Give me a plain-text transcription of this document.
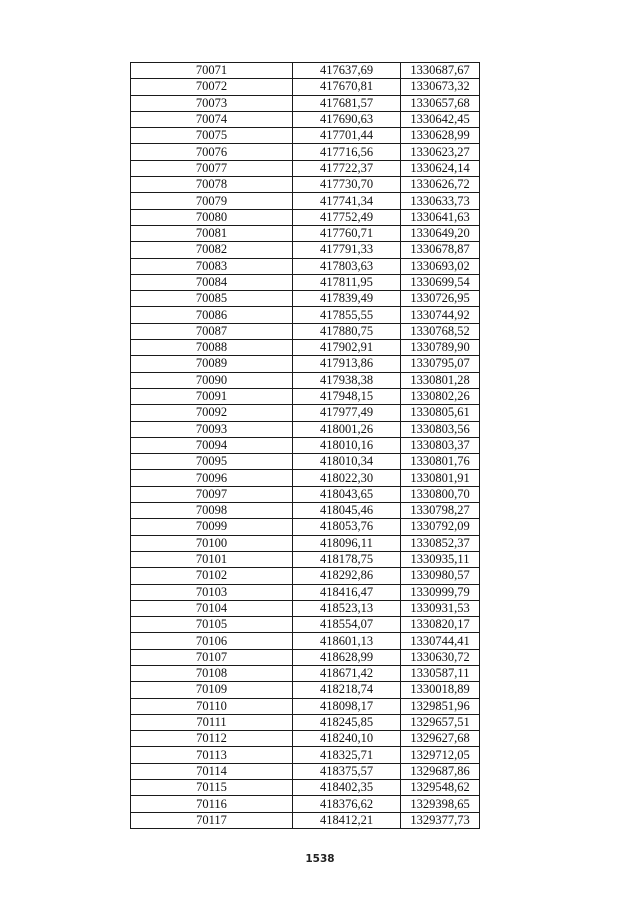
70071	417637,69	1330687,67
70072	417670,81	1330673,32
70073	417681,57	1330657,68
70074	417690,63	1330642,45
70075	417701,44	1330628,99
70076	417716,56	1330623,27
70077	417722,37	1330624,14
70078	417730,70	1330626,72
70079	417741,34	1330633,73
70080	417752,49	1330641,63
70081	417760,71	1330649,20
70082	417791,33	1330678,87
70083	417803,63	1330693,02
70084	417811,95	1330699,54
70085	417839,49	1330726,95
70086	417855,55	1330744,92
70087	417880,75	1330768,52
70088	417902,91	1330789,90
70089	417913,86	1330795,07
70090	417938,38	1330801,28
70091	417948,15	1330802,26
70092	417977,49	1330805,61
70093	418001,26	1330803,56
70094	418010,16	1330803,37
70095	418010,34	1330801,76
70096	418022,30	1330801,91
70097	418043,65	1330800,70
70098	418045,46	1330798,27
70099	418053,76	1330792,09
70100	418096,11	1330852,37
70101	418178,75	1330935,11
70102	418292,86	1330980,57
70103	418416,47	1330999,79
70104	418523,13	1330931,53
70105	418554,07	1330820,17
70106	418601,13	1330744,41
70107	418628,99	1330630,72
70108	418671,42	1330587,11
70109	418218,74	1330018,89
70110	418098,17	1329851,96
70111	418245,85	1329657,51
70112	418240,10	1329627,68
70113	418325,71	1329712,05
70114	418375,57	1329687,86
70115	418402,35	1329548,62
70116	418376,62	1329398,65
70117	418412,21	1329377,73
1538
